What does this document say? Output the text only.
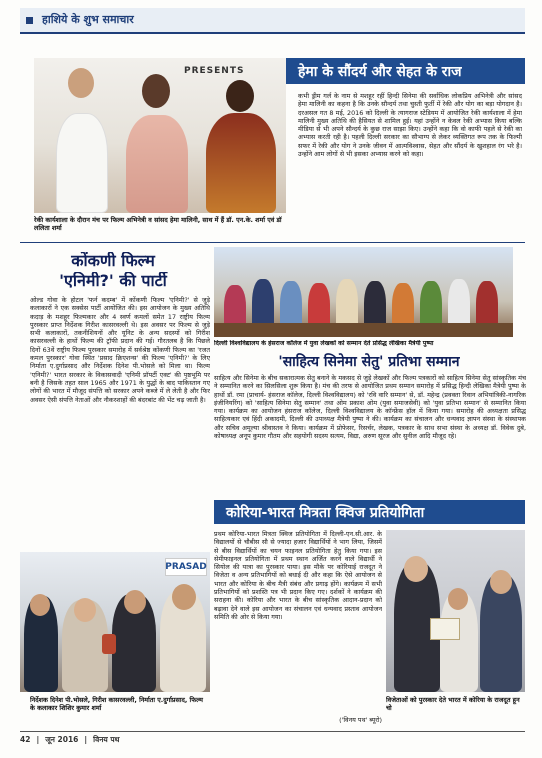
हाशिये के शुभ समाचार
PRESENTS	हेमा के सौंदर्य और सेहत के राज
कभी ड्रीम गर्ल के नाम से मशहूर रहीं हिन्दी सिनेमा की सर्वाधिक लोकप्रिय अभिनेत्री और सांसद हेमा मालिनी का कहना है कि उनके सौन्दर्य तथा चुस्ती फुर्ती में रेकी और योग का बड़ा योगदान है। दरअसल गत 8 मई, 2016 को दिल्ली के त्यागराज स्टेडियम में आयोजित रेकी कार्यशाला में हेमा मालिनी मुख्य अतिथि की हैसियत से शामिल हुई। यहां उन्होंने न केवल रेकी अभ्यास किया बल्कि मीडिया से भी अपने सौन्दर्य के कुछ राज साझा किए। उन्होंने कहा कि वो काफी पहले से रेकी का अभ्यास करती रही है। पहली दिल्ली सरकार का सौभाग्य से लेकर व्यक्तिगत रूप तक के फिल्मी सफर में रेकी और योग ने उनके जीवन में आत्मविश्वास, सेहत और सौंदर्य के खुशहाल रंग भरे है। उन्होंने आम लोगों से भी इसका अभ्यास करने को कहा।
रेकी कार्यशाला के दौरान मंच पर फिल्म अभिनेत्री व सांसद हेमा मालिनी, साथ में हैं डॉ. एन.के. शर्मा एवं डॉ ललिता शर्मा
कोंकणी फिल्म
'एनिमी?' की पार्टी
ओल्ड गोवा के होटल 'फर्न कदम्ब' में कोंकणी फिल्म 'एनिमी?' से जुड़े कलाकारों ने एक सक्सेस पार्टी आयोजित की। इस आयोजन के मुख्य अतिथि कदाड़ के मशहूर फिल्मकार और 4 स्वर्ण कमलों समेत 17 राष्ट्रीय फिल्म पुरस्कार प्राप्त निर्देशक गिरीश कासरवल्ली थे। इस अवसर पर फिल्म से जुड़े सभी कलाकारों, तकनीशियनों और यूनिट के अन्य सदस्यों को गिरीश कासरवल्ली के हाथों फिल्म की ट्रॉफी प्रदान की गई। गौरतलब है कि पिछले दिनों 63वें राष्ट्रीय फिल्म पुरस्कार समारोह में सर्वश्रेष्ठ कोंकणी फिल्म का 'रजत कमल पुरस्कार' गोवा स्थित 'प्रसाद क्रिएशन्स' की फिल्म 'एनिमी?' के लिए निर्माता ए.दुर्गाप्रसाद और निर्देशक दिनेश पी.भोसले को मिला था। फिल्म 'एनिमी?' भारत सरकार के विकासवादी 'एनिमी प्रॉपर्टी एक्ट' की पृष्ठभूमि पर बनी है जिसके तहत साल 1965 और 1971 के युद्धों के बाद पाकिस्तान गए लोगों की भारत में मौजूद संपत्ति को सरकार अपने कब्जे में ले लेती है और फिर अवसर ऐसी संपत्ति नेताओं और नौकरशाहों की बंदरबांट की भेंट चढ़ जाती है।
दिल्ली विश्वविद्यालय के हंसराज कॉलेज में युवा लेखकों को सम्मान देते प्रसिद्ध लेखिका मैत्रेयी पुष्पा
'साहित्य सिनेमा सेतु' प्रतिभा सम्मान
साहित्य और सिनेमा के बीच सकारात्मक सेतु बनाने के मकसद से जुड़े लेखकों और फिल्म पत्रकारों को साहित्य सिनेमा सेतु सांस्कृतिक मंच ने सम्मानित करने का सिलसिला शुरू किया है। मंच की तरफ से आयोजित प्रथम सम्मान समारोह में प्रसिद्ध हिन्दी लेखिका मैत्रेयी पुष्पा के हाथों डॉ. रमा (प्राचार्य- हंसराज कॉलेज, दिल्ली विश्वविद्यालय) को 'रवि वारि सम्मान' से, डॉ. महेन्द्र (प्रवक्ता रिवान अभियांत्रिकी-नागरिक इंजीनियरिंग) को 'साहित्य सिनेमा सेतु सम्मान' तथा ओम प्रकाश ओम (युवा समाजसेवी) को 'युवा प्रतिभा सम्मान' से सम्मानित किया गया। कार्यक्रम का आयोजन हंसराज कॉलेज, दिल्ली विश्वविद्यालय के कॉन्फ्रेंस हॉल में किया गया। समारोह की अध्यक्षता प्रसिद्ध साहित्यकार एवं हिंदी अकादमी, दिल्ली की उपाध्यक्ष मैत्रेयी पुष्पा ने की। कार्यक्रम का संचालन और धन्यवाद ज्ञापन संस्था के संस्थापक और सचिव अमूल्या श्रीवास्तव ने किया। कार्यक्रम में प्रोफेसर, रिसर्चर, लेखक, पत्रकार के साथ सभा संस्था के अध्यक्ष डॉ. विवेक दुबे, कोषाध्यक्ष अनूप कुमार गौतम और सहयोगी सदस्य सत्यम, विद्या, अरुण सूरज और सुनील आदि मौजूद रहे।
कोरिया-भारत मित्रता क्विज प्रतियोगिता
PRASAD
निर्देशक दिनेश पी.भोसले, गिरीश कासरवल्ली, निर्माता ए.दुर्गाप्रसाद, फिल्म के कलाकार शिशिर कुमार शर्मा
प्रथम कोरिया-भारत मित्रता क्विज प्रतियोगिता में दिल्ली-एन.सी.आर. के विद्यालयों से चौबीस सौ से ज्यादा हजार विद्यार्थियों ने भाग लिया, जिसमें से बीस विद्यार्थियों का चयन फाइनल प्रतियोगिता हेतु किया गया। इस सेमीफाइनल प्रतियोगिता में प्रथम स्थान अर्जित करने वाले विद्यार्थी ने सियोल की यात्रा का पुरस्कार पाया। इस मौके पर कोरियाई राजदूत ने विजेता व अन्य प्रतिभागियों को बधाई दी और कहा कि ऐसे आयोजन से भारत और कोरिया के बीच मैत्री संबंध और प्रगाढ़ होंगे। कार्यक्रम में सभी प्रतिभागियों को प्रशस्ति पत्र भी प्रदान किए गए। दर्शकों ने कार्यक्रम की सराहना की। कोरिया और भारत के बीच सांस्कृतिक आदान-प्रदान को बढ़ावा देने वाले इस आयोजन का संचालन एवं धन्यवाद प्रस्ताव आयोजन समिति की ओर से किया गया।
('विनय पथ' ब्यूरो)
विजेताओं को पुरस्कार देते भारत में कोरिया के राजदूत हून चो
42 | जून 2016 | विनय पथ
